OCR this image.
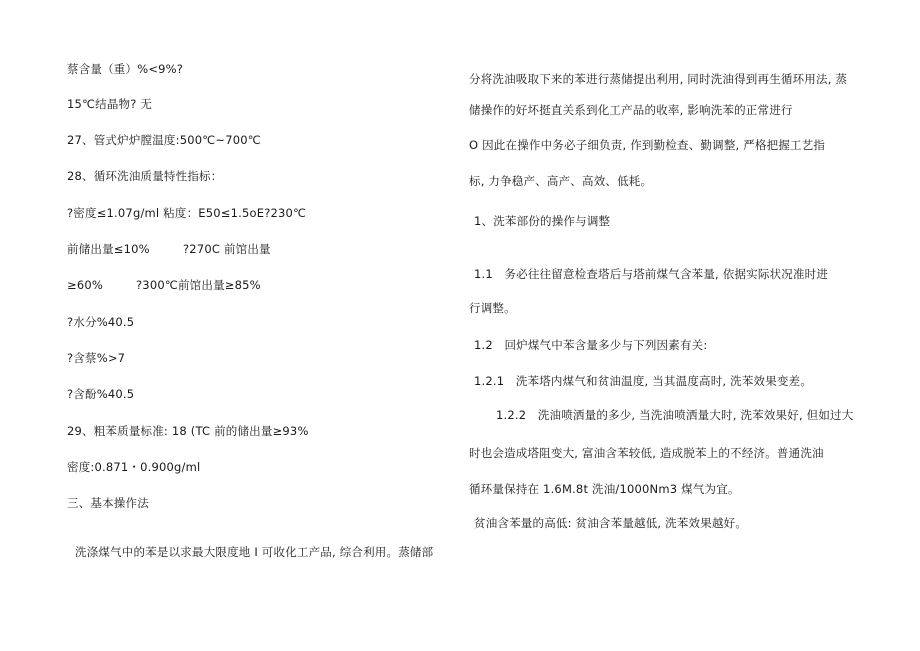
蔡含量（重）%<9%?
15℃结晶物? 无
27、管式炉炉膛温度:500℃~700℃
28、循环洗油质量特性指标：
?密度≤1.07g/ml 粘度：E50≤1.5oE?230℃
前储出量≤10%	?270C 前馆出量
≥60%	?300℃前馆出量≥85%
?水分%40.5
?含蔡%>7
?含酚%40.5
29、粗苯质量标准: 18 (TC 前的储出量≥93%
密度:0.871・0.900g/ml
三、基本操作法
洗涤煤气中的苯是以求最大限度地 I 可收化工产品, 综合利用。蒸储部
分将洗油吸取下来的苯进行蒸储提出利用, 同时洗油得到再生循环用法, 蒸
储操作的好坏挺直关系到化工产品的收率, 影响洗苯的正常进行
O 因此在操作中务必子细负责, 作到勤检查、勤调整, 严格把握工艺指
标, 力争稳产、高产、高效、低耗。
1、洗苯部份的操作与调整
1.1   务必往往留意检查塔后与塔前煤气含苯量, 依据实际状况准时进
行调整。
1.2   回炉煤气中苯含量多少与下列因素有关:
1.2.1   洗苯塔内煤气和贫油温度, 当其温度高时, 洗苯效果变差。
1.2.2   洗油喷洒量的多少, 当洗油喷洒量大时, 洗苯效果好, 但如过大
时也会造成塔阻变大, 富油含苯较低, 造成脱苯上的不经济。普通洗油
循环量保持在 1.6M.8t 洗油/1000Nm3 煤气为宜。
贫油含苯量的高低: 贫油含苯量越低, 洗苯效果越好。
